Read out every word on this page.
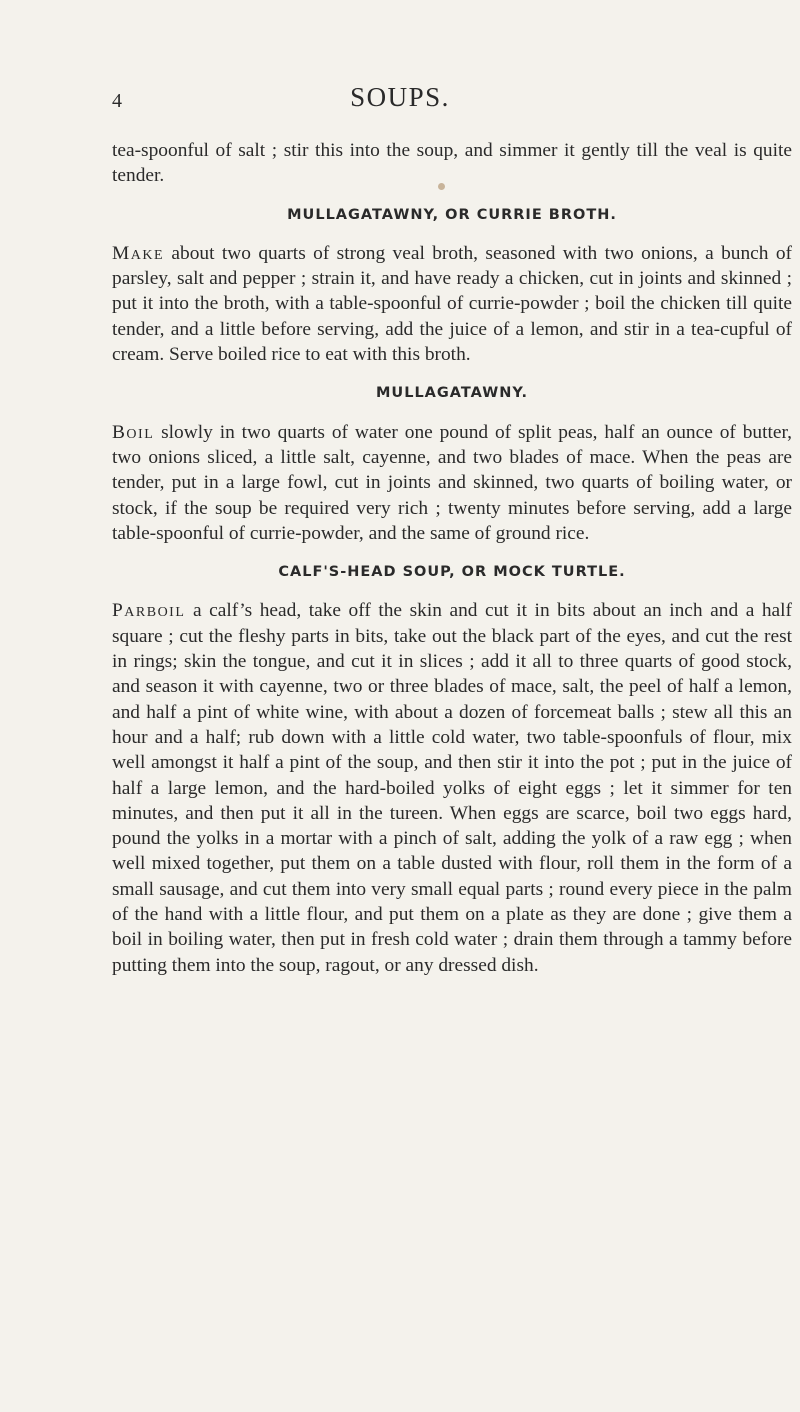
4	SOUPS.

tea-spoonful of salt ; stir this into the soup, and simmer it gently till the veal is quite tender.

MULLAGATAWNY, OR CURRIE BROTH.

Make about two quarts of strong veal broth, seasoned with two onions, a bunch of parsley, salt and pepper ; strain it, and have ready a chicken, cut in joints and skinned ; put it into the broth, with a table-spoonful of currie-powder ; boil the chicken till quite tender, and a little before serving, add the juice of a lemon, and stir in a tea-cupful of cream. Serve boiled rice to eat with this broth.

MULLAGATAWNY.

Boil slowly in two quarts of water one pound of split peas, half an ounce of butter, two onions sliced, a little salt, cayenne, and two blades of mace. When the peas are tender, put in a large fowl, cut in joints and skinned, two quarts of boiling water, or stock, if the soup be required very rich ; twenty minutes before serving, add a large table-spoonful of currie-powder, and the same of ground rice.

CALF'S-HEAD SOUP, OR MOCK TURTLE.

Parboil a calf’s head, take off the skin and cut it in bits about an inch and a half square ; cut the fleshy parts in bits, take out the black part of the eyes, and cut the rest in rings; skin the tongue, and cut it in slices ; add it all to three quarts of good stock, and season it with cayenne, two or three blades of mace, salt, the peel of half a lemon, and half a pint of white wine, with about a dozen of forcemeat balls ; stew all this an hour and a half; rub down with a little cold water, two table-spoonfuls of flour, mix well amongst it half a pint of the soup, and then stir it into the pot ; put in the juice of half a large lemon, and the hard-boiled yolks of eight eggs ; let it simmer for ten minutes, and then put it all in the tureen. When eggs are scarce, boil two eggs hard, pound the yolks in a mortar with a pinch of salt, adding the yolk of a raw egg ; when well mixed together, put them on a table dusted with flour, roll them in the form of a small sausage, and cut them into very small equal parts ; round every piece in the palm of the hand with a little flour, and put them on a plate as they are done ; give them a boil in boiling water, then put in fresh cold water ; drain them through a tammy before putting them into the soup, ragout, or any dressed dish.
